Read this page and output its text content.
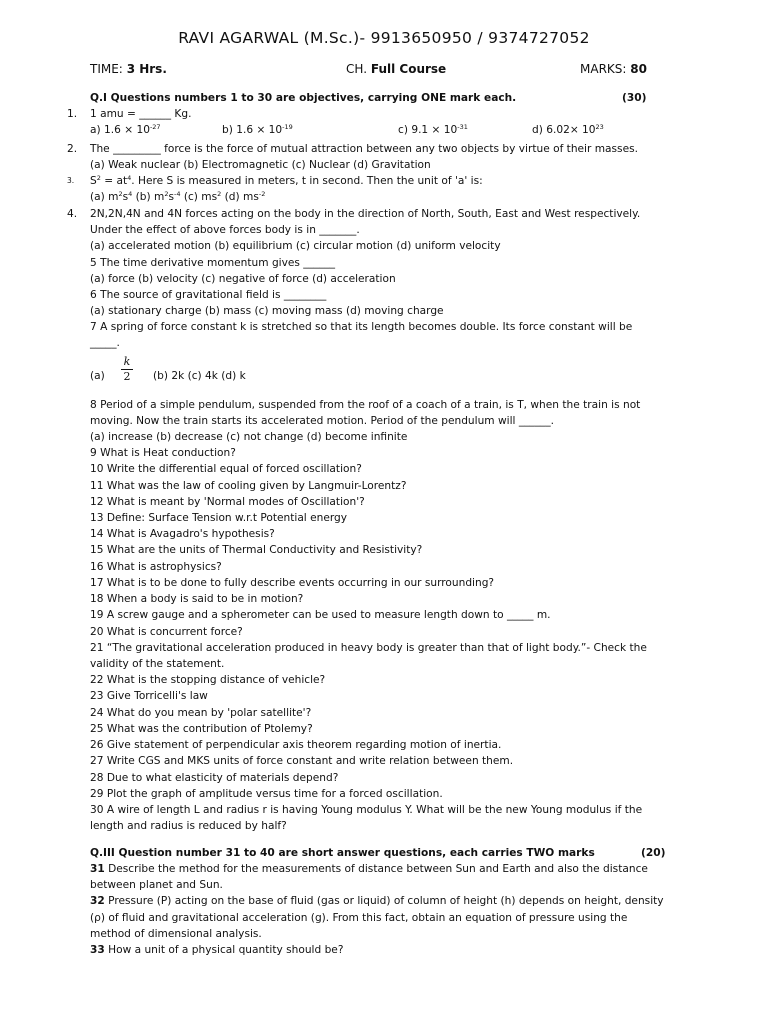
RAVI AGARWAL (M.Sc.)- 9913650950 / 9374727052
TIME: 3 Hrs.	CH. Full Course	MARKS: 80
Q.I Questions numbers 1 to 30 are objectives, carrying ONE mark each.	(30)
1. 1 amu = ______ Kg.
a) $1.6 \times 10^{-27}$	b) $1.6 \times 10^{-19}$	c) $9.1 \times 10^{-31}$	d) $6.02\times 10^{23}$
2. The _________ force is the force of mutual attraction between any two objects by virtue of their masses.
(a) Weak nuclear (b) Electromagnetic (c) Nuclear (d) Gravitation
3. $S^2 = at^4$. Here S is measured in meters, t in second. Then the unit of 'a' is:
(a) $m^2s^4$ (b) $m^2s^{-4}$ (c) $ms^2$ (d) $ms^{-2}$
4. 2N,2N,4N and 4N forces acting on the body in the direction of North, South, East and West respectively.
Under the effect of above forces body is in _______.
(a) accelerated motion (b) equilibrium (c) circular motion (d) uniform velocity
5 The time derivative momentum gives ______
(a) force (b) velocity (c) negative of force (d) acceleration
6 The source of gravitational field is ________
(a) stationary charge (b) mass (c) moving mass (d) moving charge
7 A spring of force constant k is stretched so that its length becomes double. Its force constant will be
_____.
(a)
k
2 (b) 2k (c) 4k (d) k
8 Period of a simple pendulum, suspended from the roof of a coach of a train, is T, when the train is not
moving. Now the train starts its accelerated motion. Period of the pendulum will ______.
(a) increase (b) decrease (c) not change (d) become infinite
9 What is Heat conduction?
10 Write the differential equal of forced oscillation?
11 What was the law of cooling given by Langmuir-Lorentz?
12 What is meant by 'Normal modes of Oscillation'?
13 Define: Surface Tension w.r.t Potential energy
14 What is Avagadro's hypothesis?
15 What are the units of Thermal Conductivity and Resistivity?
16 What is astrophysics?
17 What is to be done to fully describe events occurring in our surrounding?
18 When a body is said to be in motion?
19 A screw gauge and a spherometer can be used to measure length down to _____ m.
20 What is concurrent force?
21 “The gravitational acceleration produced in heavy body is greater than that of light body.”- Check the
validity of the statement.
22 What is the stopping distance of vehicle?
23 Give Torricelli's law
24 What do you mean by 'polar satellite'?
25 What was the contribution of Ptolemy?
26 Give statement of perpendicular axis theorem regarding motion of inertia.
27 Write CGS and MKS units of force constant and write relation between them.
28 Due to what elasticity of materials depend?
29 Plot the graph of amplitude versus time for a forced oscillation.
30 A wire of length L and radius r is having Young modulus Y. What will be the new Young modulus if the
length and radius is reduced by half?
Q.III Question number 31 to 40 are short answer questions, each carries TWO marks	(20)
31 Describe the method for the measurements of distance between Sun and Earth and also the distance
between planet and Sun.
32 Pressure (P) acting on the base of fluid (gas or liquid) of column of height (h) depends on height, density
(ρ) of fluid and gravitational acceleration (g). From this fact, obtain an equation of pressure using the
method of dimensional analysis.
33 How a unit of a physical quantity should be?
